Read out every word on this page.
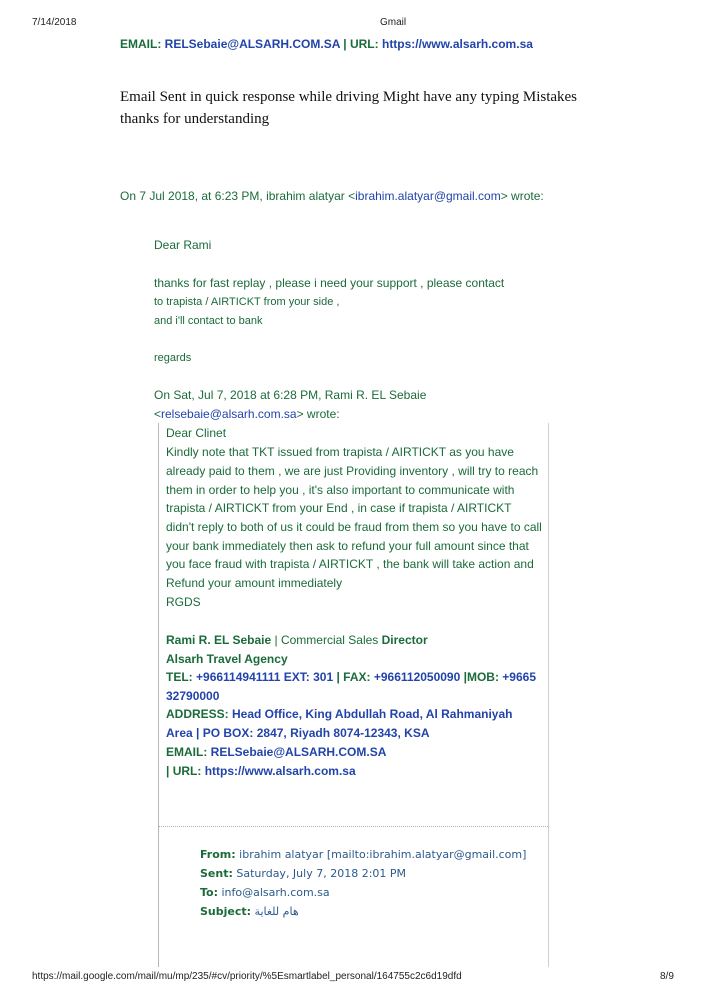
7/14/2018	Gmail
EMAIL: RELSebaie@ALSARH.COM.SA | URL: https://www.alsarh.com.sa
Email Sent in quick response while driving Might have any typing Mistakes
thanks for understanding
On 7 Jul 2018, at 6:23 PM, ibrahim alatyar <ibrahim.alatyar@gmail.com> wrote:
Dear Rami
thanks for fast replay , please i need your support , please contact
to trapista / AIRTICKT from your side ,
and i'll contact to bank
regards
On Sat, Jul 7, 2018 at 6:28 PM, Rami R. EL Sebaie
<relsebaie@alsarh.com.sa> wrote:
Dear Clinet
Kindly note that TKT issued from trapista / AIRTICKT as you have
already paid to them , we are just Providing inventory , will try to reach
them in order to help you , it's also important to communicate with
trapista / AIRTICKT from your End , in case if trapista / AIRTICKT
didn't reply to both of us it could be fraud from them so you have to call
your bank immediately then ask to refund your full amount since that
you face fraud with trapista / AIRTICKT , the bank will take action and
Refund your amount immediately
RGDS
Rami R. EL Sebaie | Commercial Sales Director
Alsarh Travel Agency
TEL: +966114941111 EXT: 301 | FAX: +966112050090 |MOB: +9665
32790000
ADDRESS: Head Office, King Abdullah Road, Al Rahmaniyah
Area | PO BOX: 2847, Riyadh 8074-12343, KSA
EMAIL: RELSebaie@ALSARH.COM.SA
| URL: https://www.alsarh.com.sa
From: ibrahim alatyar [mailto:ibrahim.alatyar@gmail.com]
Sent: Saturday, July 7, 2018 2:01 PM
To: info@alsarh.com.sa
Subject: هام للغاية
https://mail.google.com/mail/mu/mp/235/#cv/priority/%5Esmartlabel_personal/164755c2c6d19dfd	8/9
